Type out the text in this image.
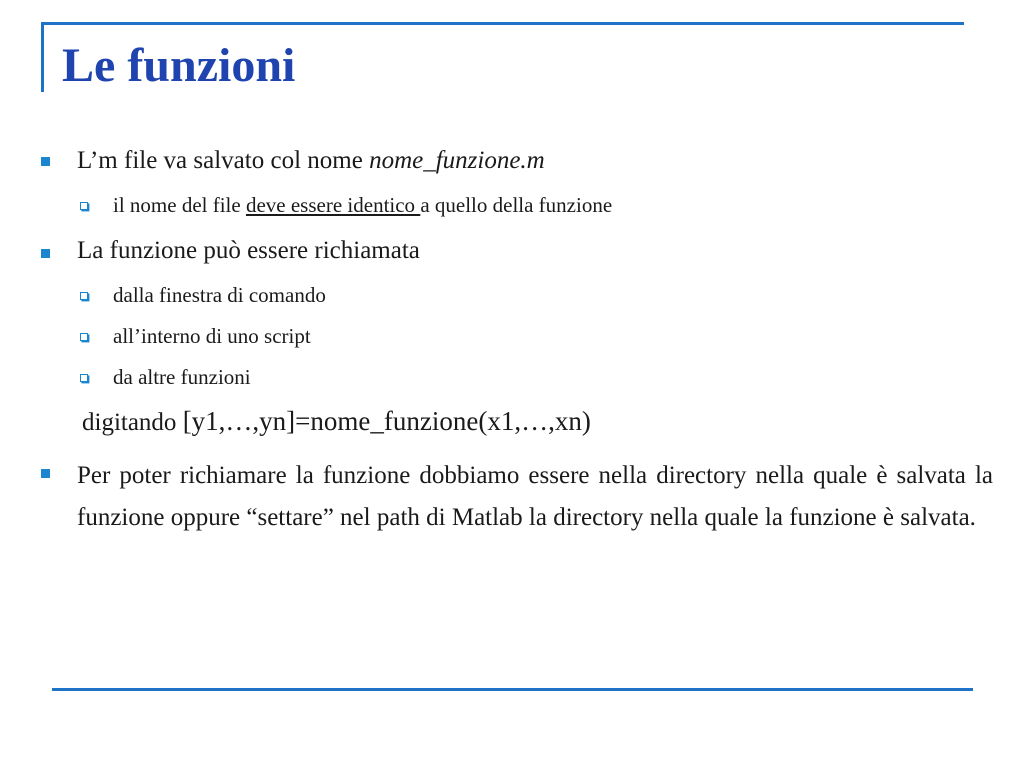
Le funzioni
L’m file va salvato col nome nome_funzione.m
il nome del file deve essere identico a quello della funzione
La funzione può essere richiamata
dalla finestra di comando
all’interno di uno script
da altre funzioni
digitando [y1,…,yn]=nome_funzione(x1,…,xn)
Per poter richiamare la funzione dobbiamo essere nella directory nella quale è salvata la funzione oppure “settare” nel path di Matlab la directory nella quale la funzione è salvata.
